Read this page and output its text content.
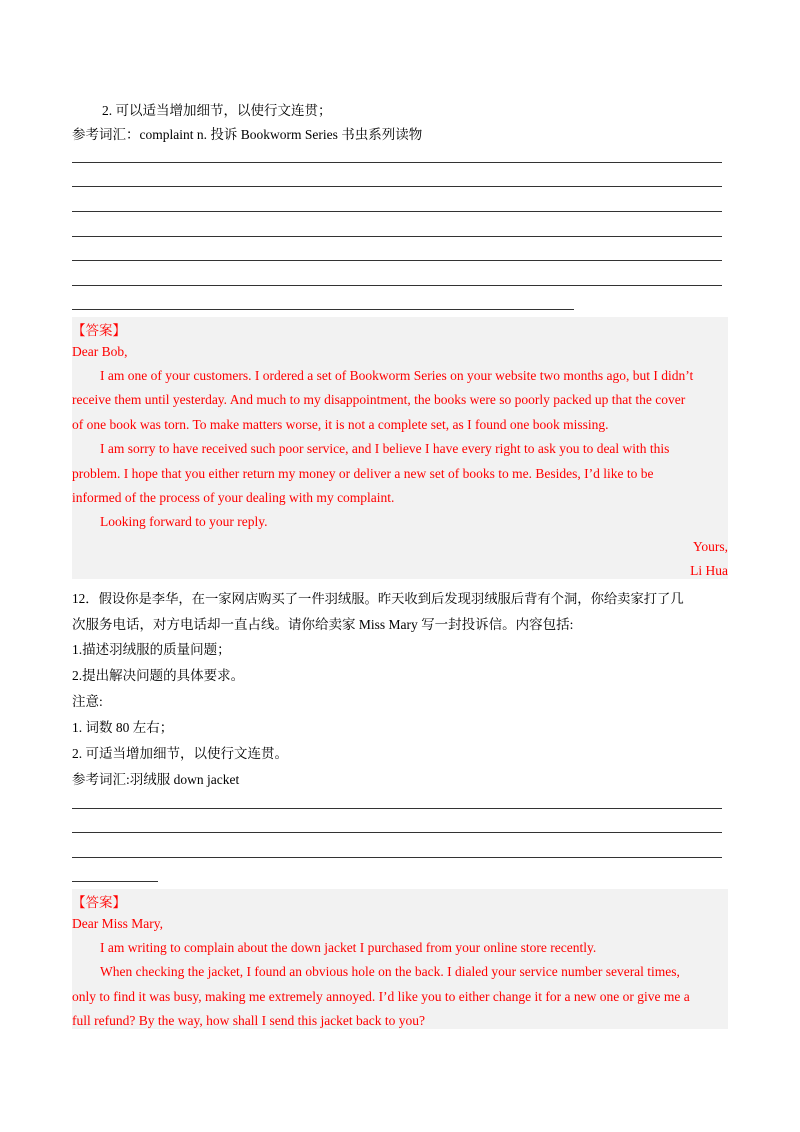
2. 可以适当增加细节，以使行文连贯；
参考词汇：complaint n. 投诉 Bookworm Series 书虫系列读物
【答案】
Dear Bob,
I am one of your customers. I ordered a set of Bookworm Series on your website two months ago, but I didn’t
receive them until yesterday. And much to my disappointment, the books were so poorly packed up that the cover
of one book was torn. To make matters worse, it is not a complete set, as I found one book missing.
I am sorry to have received such poor service, and I believe I have every right to ask you to deal with this
problem. I hope that you either return my money or deliver a new set of books to me. Besides, I’d like to be
informed of the process of your dealing with my complaint.
Looking forward to your reply.
Yours,
Li Hua
12．假设你是李华，在一家网店购买了一件羽绒服。昨天收到后发现羽绒服后背有个洞，你给卖家打了几
次服务电话，对方电话却一直占线。请你给卖家 Miss Mary 写一封投诉信。内容包括:
1.描述羽绒服的质量问题；
2.提出解决问题的具体要求。
注意:
1. 词数 80 左右；
2. 可适当增加细节，以使行文连贯。
参考词汇:羽绒服 down jacket
【答案】
Dear Miss Mary,
I am writing to complain about the down jacket I purchased from your online store recently.
When checking the jacket, I found an obvious hole on the back. I dialed your service number several times,
only to find it was busy, making me extremely annoyed. I’d like you to either change it for a new one or give me a
full refund? By the way, how shall I send this jacket back to you?
